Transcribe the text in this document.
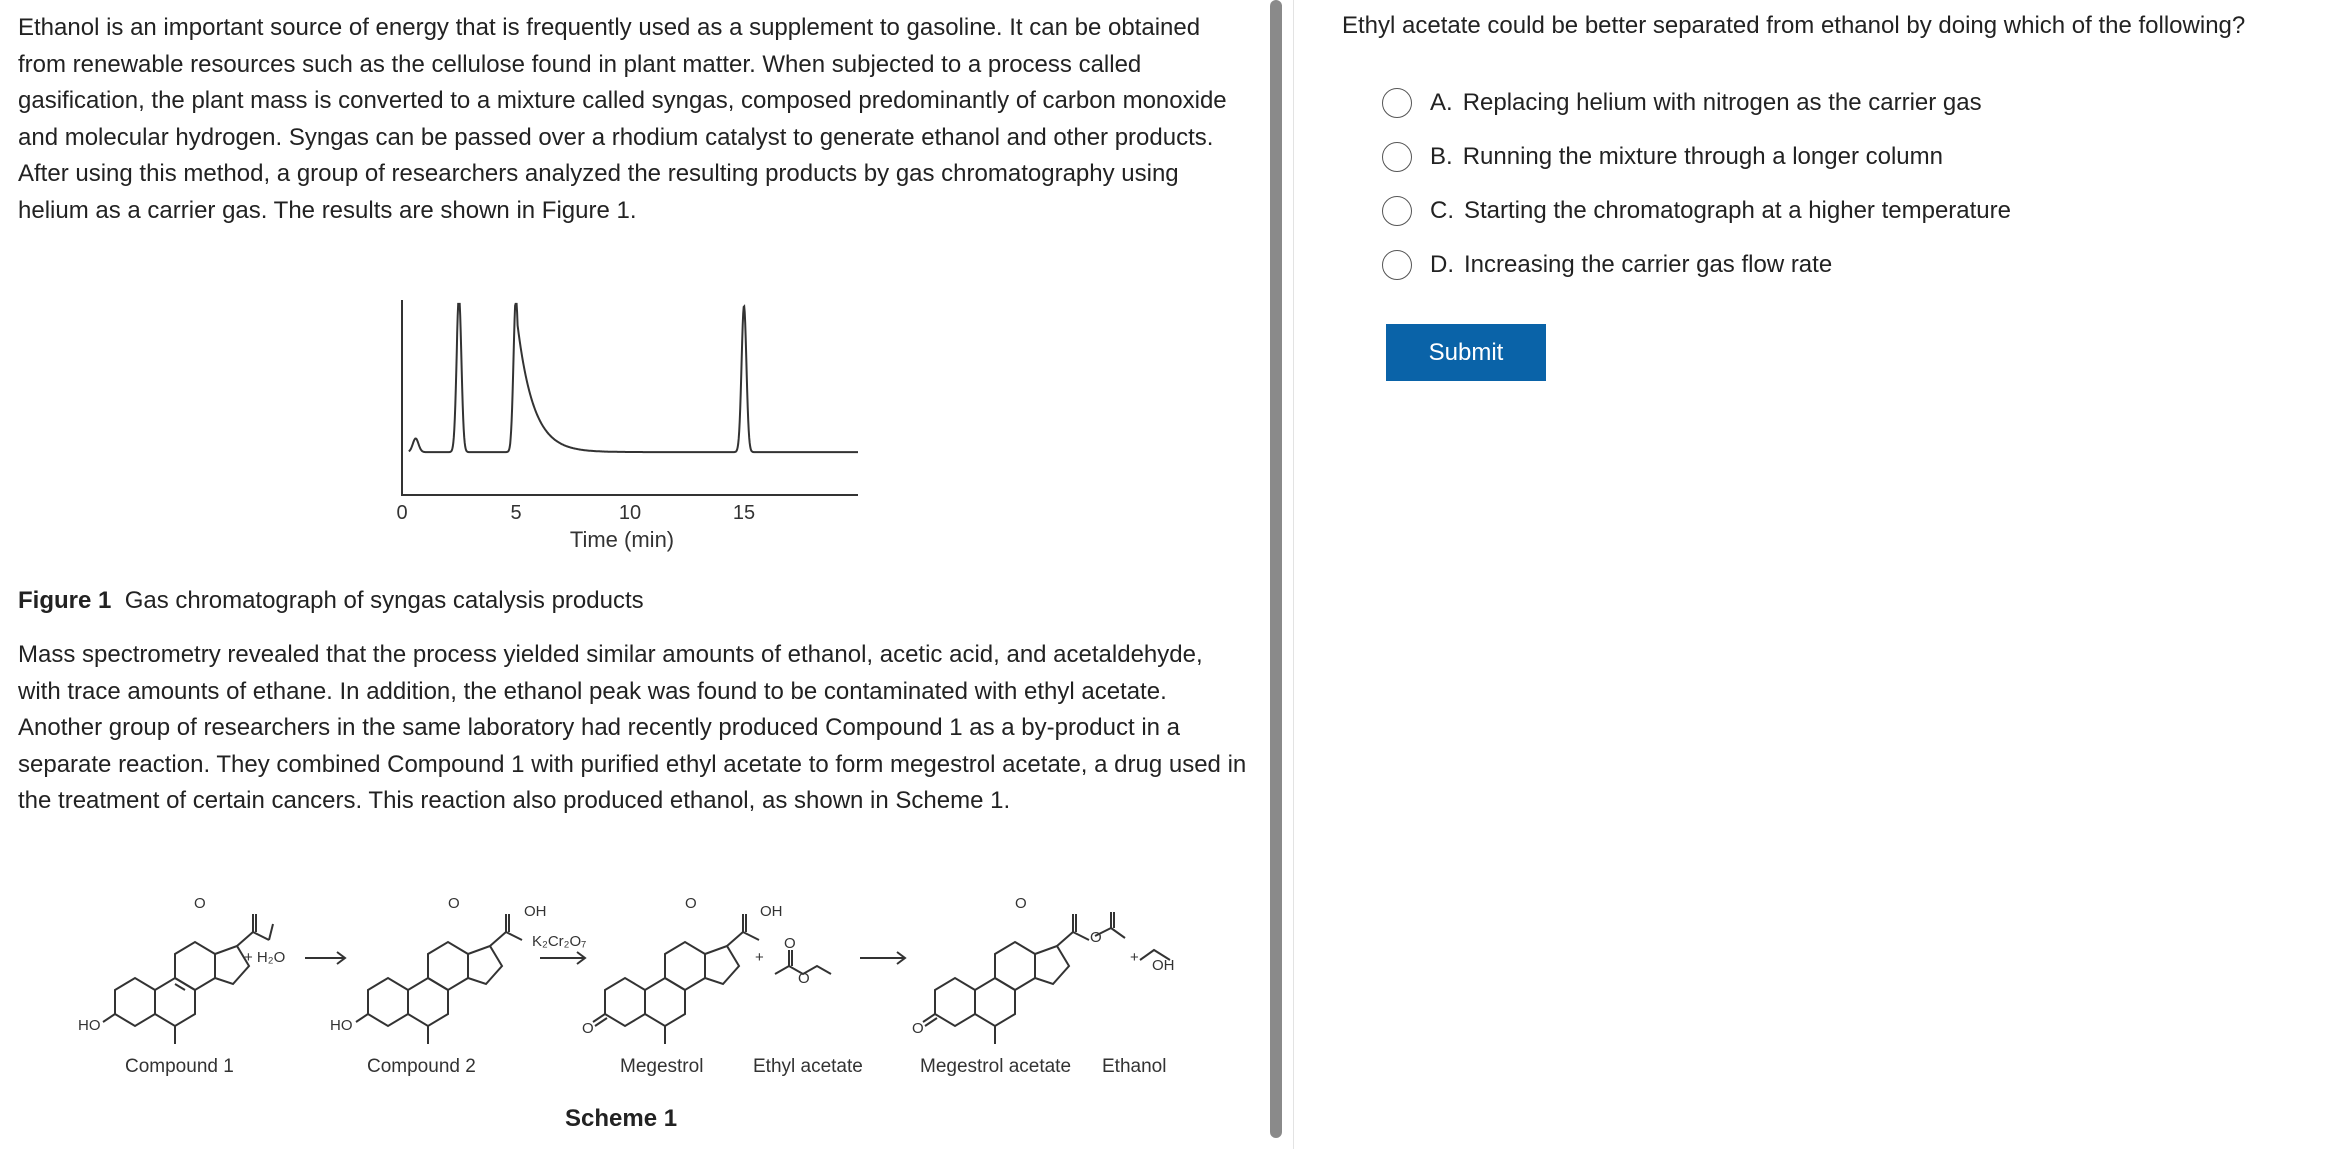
Ethanol is an important source of energy that is frequently used as a supplement to gasoline. It can be obtained from renewable resources such as the cellulose found in plant matter. When subjected to a process called gasification, the plant mass is converted to a mixture called syngas, composed predominantly of carbon monoxide and molecular hydrogen. Syngas can be passed over a rhodium catalyst to generate ethanol and other products. After using this method, a group of researchers analyzed the resulting products by gas chromatography using helium as a carrier gas. The results are shown in Figure 1.

0	5	10	15
Time (min)

Figure 1 Gas chromatograph of syngas catalysis products

Mass spectrometry revealed that the process yielded similar amounts of ethanol, acetic acid, and acetaldehyde, with trace amounts of ethane. In addition, the ethanol peak was found to be contaminated with ethyl acetate. Another group of researchers in the same laboratory had recently produced Compound 1 as a by-product in a separate reaction. They combined Compound 1 with purified ethyl acetate to form megestrol acetate, a drug used in the treatment of certain cancers. This reaction also produced ethanol, as shown in Scheme 1.

HO
O
+ H₂O
HO
OH
O
K₂Cr₂O₇
O
O	OH
+
O
O
O
O
O
+ OH
Compound 1	Compound 2	Megestrol	Ethyl acetate	Megestrol acetate Ethanol

Scheme 1

Ethyl acetate could be better separated from ethanol by doing which of the following?

A. Replacing helium with nitrogen as the carrier gas
B. Running the mixture through a longer column
C. Starting the chromatograph at a higher temperature
D. Increasing the carrier gas flow rate
Submit
